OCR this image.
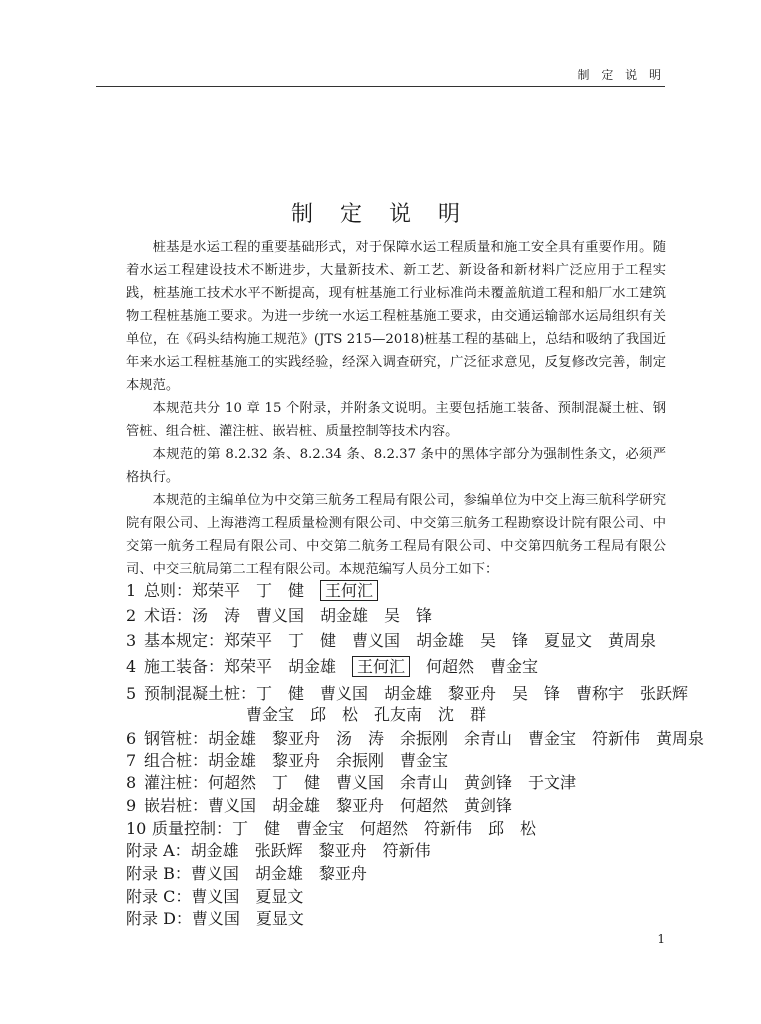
制 定 说 明
制 定 说 明

桩基是水运工程的重要基础形式，对于保障水运工程质量和施工安全具有重要作用。随着水运工程建设技术不断进步，大量新技术、新工艺、新设备和新材料广泛应用于工程实践，桩基施工技术水平不断提高，现有桩基施工行业标准尚未覆盖航道工程和船厂水工建筑物工程桩基施工要求。为进一步统一水运工程桩基施工要求，由交通运输部水运局组织有关单位，在《码头结构施工规范》(JTS 215—2018)桩基工程的基础上，总结和吸纳了我国近年来水运工程桩基施工的实践经验，经深入调查研究，广泛征求意见，反复修改完善，制定本规范。

本规范共分 10 章 15 个附录，并附条文说明。主要包括施工装备、预制混凝土桩、钢管桩、组合桩、灌注桩、嵌岩桩、质量控制等技术内容。

本规范的第 8.2.32 条、8.2.34 条、8.2.37 条中的黑体字部分为强制性条文，必须严格执行。

本规范的主编单位为中交第三航务工程局有限公司，参编单位为中交上海三航科学研究院有限公司、上海港湾工程质量检测有限公司、中交第三航务工程勘察设计院有限公司、中交第一航务工程局有限公司、中交第二航务工程局有限公司、中交第四航务工程局有限公司、中交三航局第二工程有限公司。本规范编写人员分工如下：

1 总则：郑荣平　丁　健　王何汇
2 术语：汤　涛　曹义国　胡金雄　吴　锋
3 基本规定：郑荣平　丁　健　曹义国　胡金雄　吴　锋　夏显文　黄周泉
4 施工装备：郑荣平　胡金雄　王何汇　何超然　曹金宝
5 预制混凝土桩：丁　健　曹义国　胡金雄　黎亚舟　吴　锋　曹称宇　张跃辉
曹金宝　邱　松　孔友南　沈　群
6 钢管桩：胡金雄　黎亚舟　汤　涛　余振刚　余青山　曹金宝　符新伟　黄周泉
7 组合桩：胡金雄　黎亚舟　余振刚　曹金宝
8 灌注桩：何超然　丁　健　曹义国　余青山　黄剑锋　于文津
9 嵌岩桩：曹义国　胡金雄　黎亚舟　何超然　黄剑锋
10 质量控制：丁　健　曹金宝　何超然　符新伟　邱　松
附录 A：胡金雄　张跃辉　黎亚舟　符新伟
附录 B：曹义国　胡金雄　黎亚舟
附录 C：曹义国　夏显文
附录 D：曹义国　夏显文
1
